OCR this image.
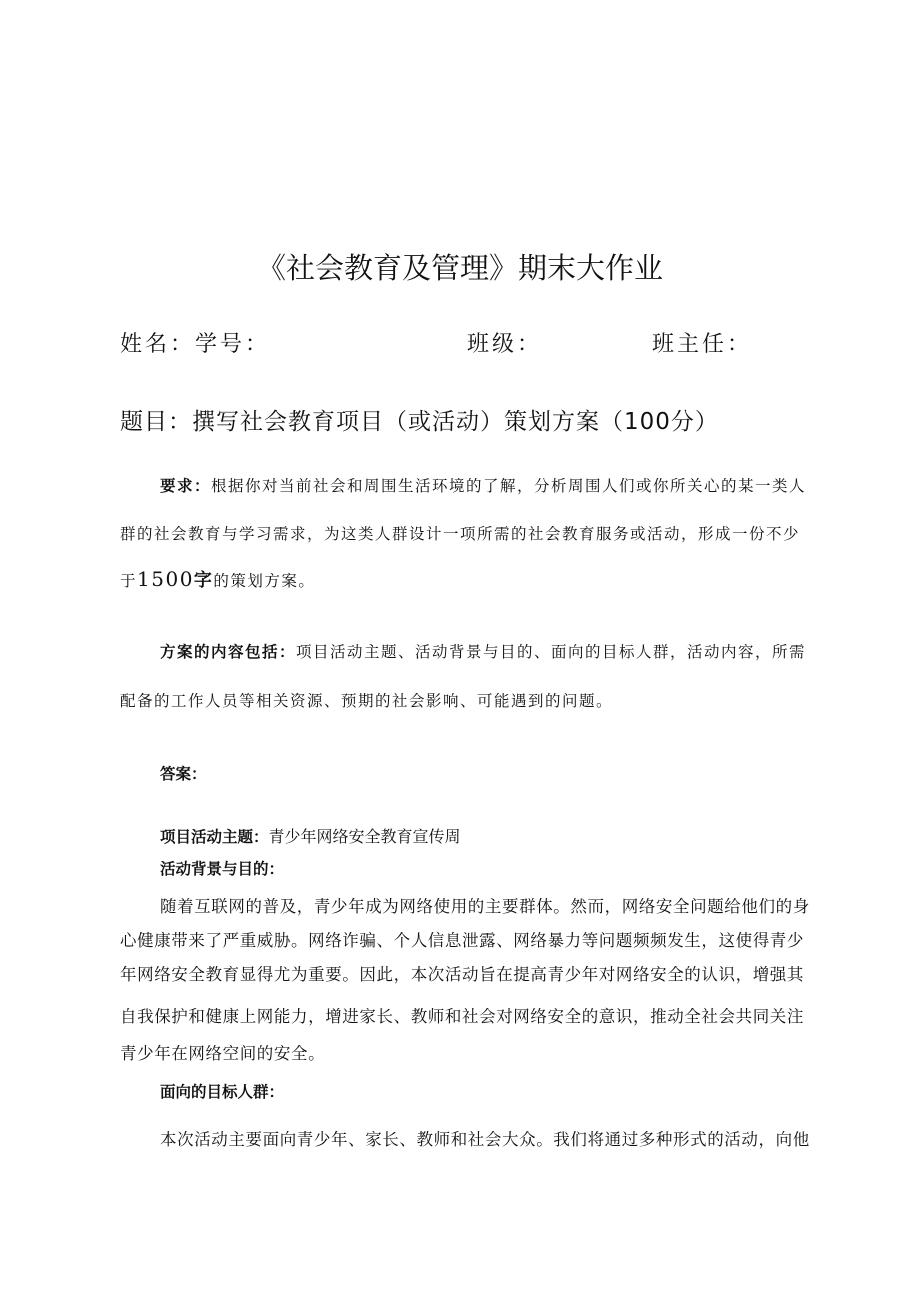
《社会教育及管理》期末大作业
姓名：学号：	班级：	班主任：
题目：撰写社会教育项目（或活动）策划方案（100分）
要求：根据你对当前社会和周围生活环境的了解，分析周围人们或你所关心的某一类人
群的社会教育与学习需求，为这类人群设计一项所需的社会教育服务或活动，形成一份不少
于1500字的策划方案。
方案的内容包括：项目活动主题、活动背景与目的、面向的目标人群，活动内容，所需
配备的工作人员等相关资源、预期的社会影响、可能遇到的问题。
答案：
项目活动主题：青少年网络安全教育宣传周
活动背景与目的：
随着互联网的普及，青少年成为网络使用的主要群体。然而，网络安全问题给他们的身
心健康带来了严重威胁。网络诈骗、个人信息泄露、网络暴力等问题频频发生，这使得青少
年网络安全教育显得尤为重要。因此，本次活动旨在提高青少年对网络安全的认识，增强其
自我保护和健康上网能力，增进家长、教师和社会对网络安全的意识，推动全社会共同关注
青少年在网络空间的安全。
面向的目标人群：
本次活动主要面向青少年、家长、教师和社会大众。我们将通过多种形式的活动，向他
